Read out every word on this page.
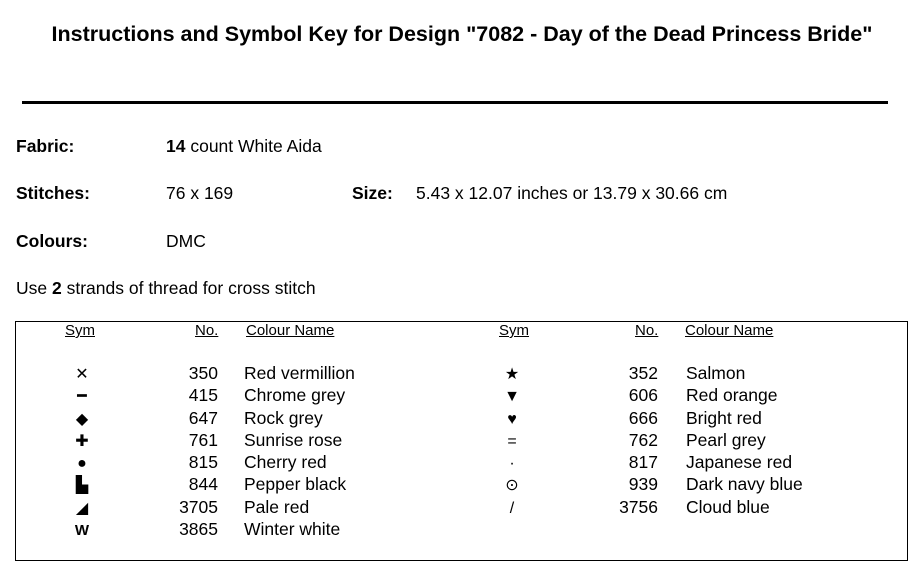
Instructions and Symbol Key for Design "7082 - Day of the Dead Princess Bride"
Fabric:	14 count White Aida
Stitches:	76 x 169	Size: 5.43 x 12.07 inches or 13.79 x 30.66 cm
Colours:	DMC
Use 2 strands of thread for cross stitch
Sym	No. Colour Name	Sym	No. Colour Name
✕	350 Red vermillion	★	352 Salmon
━	415 Chrome grey	▼	606 Red orange
◆	647 Rock grey	♥	666 Bright red
✚	761 Sunrise rose	=	762 Pearl grey
●	815 Cherry red	·	817 Japanese red
▙	844 Pepper black	⊙	939 Dark navy blue
◢	3705 Pale red	/	3756 Cloud blue
W	3865 Winter white
